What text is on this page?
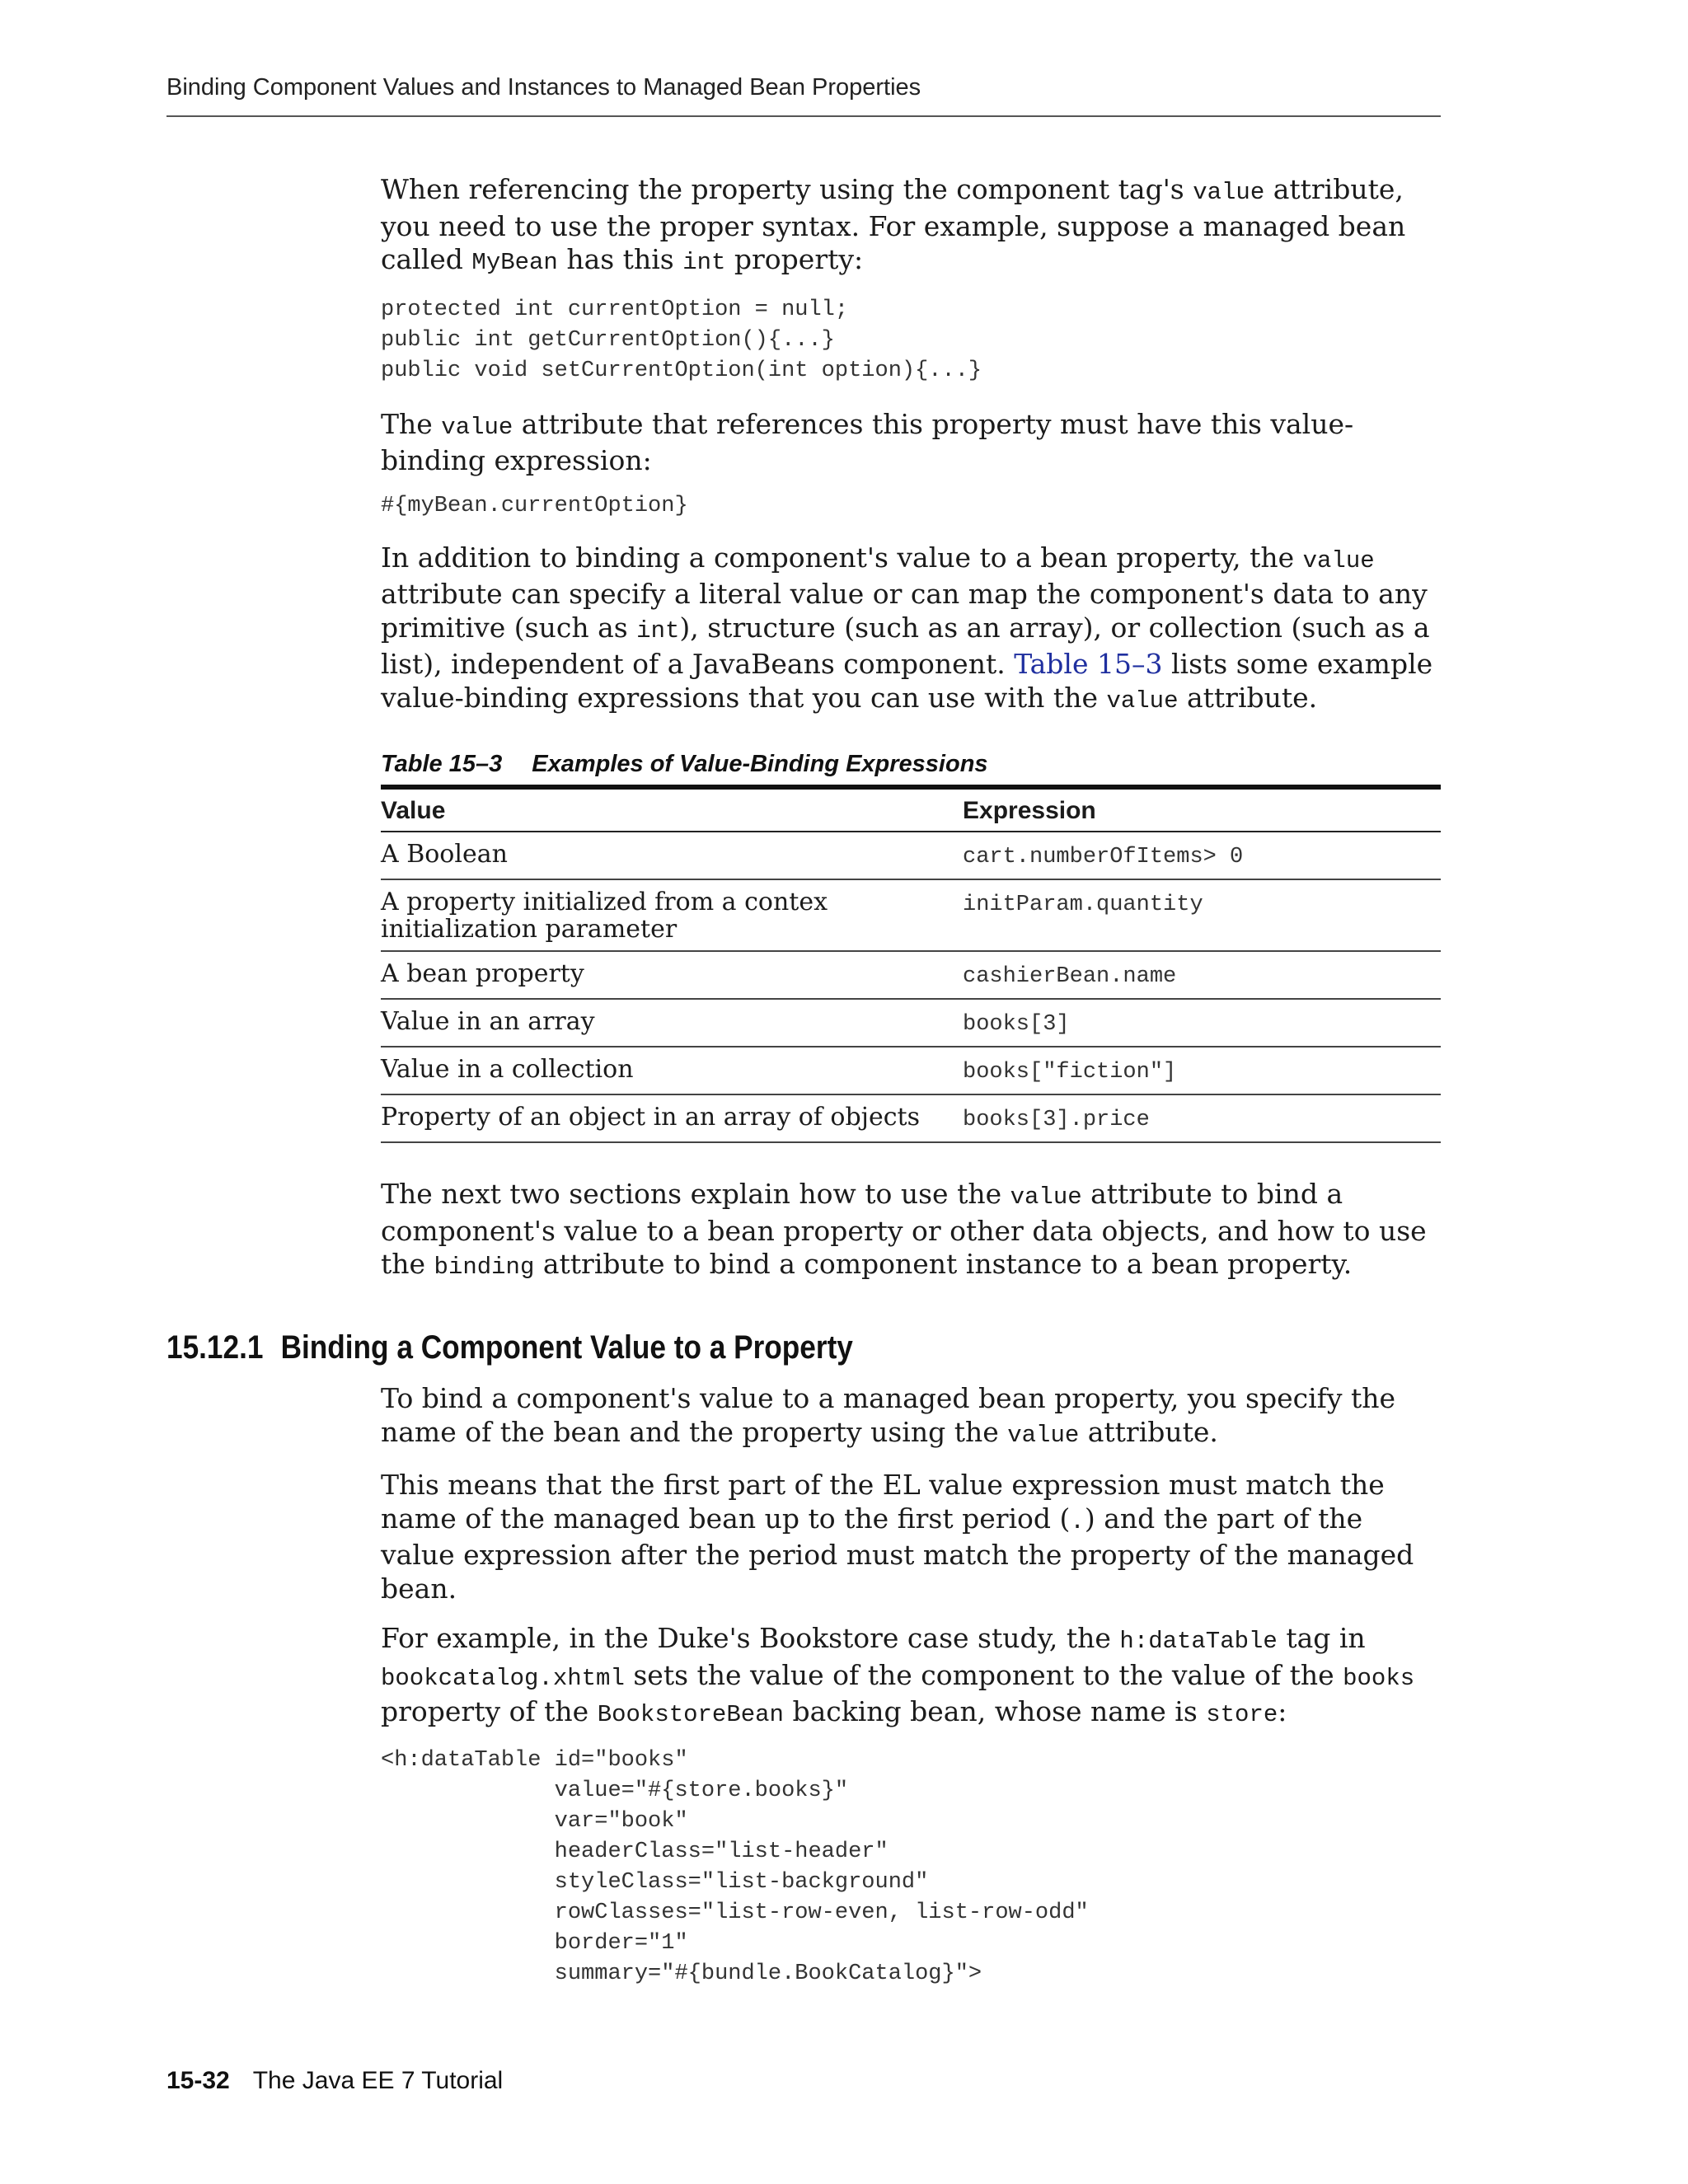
Binding Component Values and Instances to Managed Bean Properties

When referencing the property using the component tag's value attribute, you need to use the proper syntax. For example, suppose a managed bean called MyBean has this int property:

protected int currentOption = null;
public int getCurrentOption(){...}
public void setCurrentOption(int option){...}

The value attribute that references this property must have this value-binding expression:

#{myBean.currentOption}

In addition to binding a component's value to a bean property, the value attribute can specify a literal value or can map the component's data to any primitive (such as int), structure (such as an array), or collection (such as a list), independent of a JavaBeans component. Table 15–3 lists some example value-binding expressions that you can use with the value attribute.

Table 15–3 Examples of Value-Binding Expressions

Value	Expression
A Boolean	cart.numberOfItems> 0
A property initialized from a contex initialization parameter	initParam.quantity
A bean property	cashierBean.name
Value in an array	books[3]
Value in a collection	books["fiction"]
Property of an object in an array of objects	books[3].price

The next two sections explain how to use the value attribute to bind a component's value to a bean property or other data objects, and how to use the binding attribute to bind a component instance to a bean property.

15.12.1 Binding a Component Value to a Property

To bind a component's value to a managed bean property, you specify the name of the bean and the property using the value attribute.

This means that the first part of the EL value expression must match the name of the managed bean up to the first period (.) and the part of the value expression after the period must match the property of the managed bean.

For example, in the Duke's Bookstore case study, the h:dataTable tag in bookcatalog.xhtml sets the value of the component to the value of the books property of the BookstoreBean backing bean, whose name is store:

<h:dataTable id="books"
value="#{store.books}"
var="book"
headerClass="list-header"
styleClass="list-background"
rowClasses="list-row-even, list-row-odd"
border="1"
summary="#{bundle.BookCatalog}">
15-32 The Java EE 7 Tutorial
